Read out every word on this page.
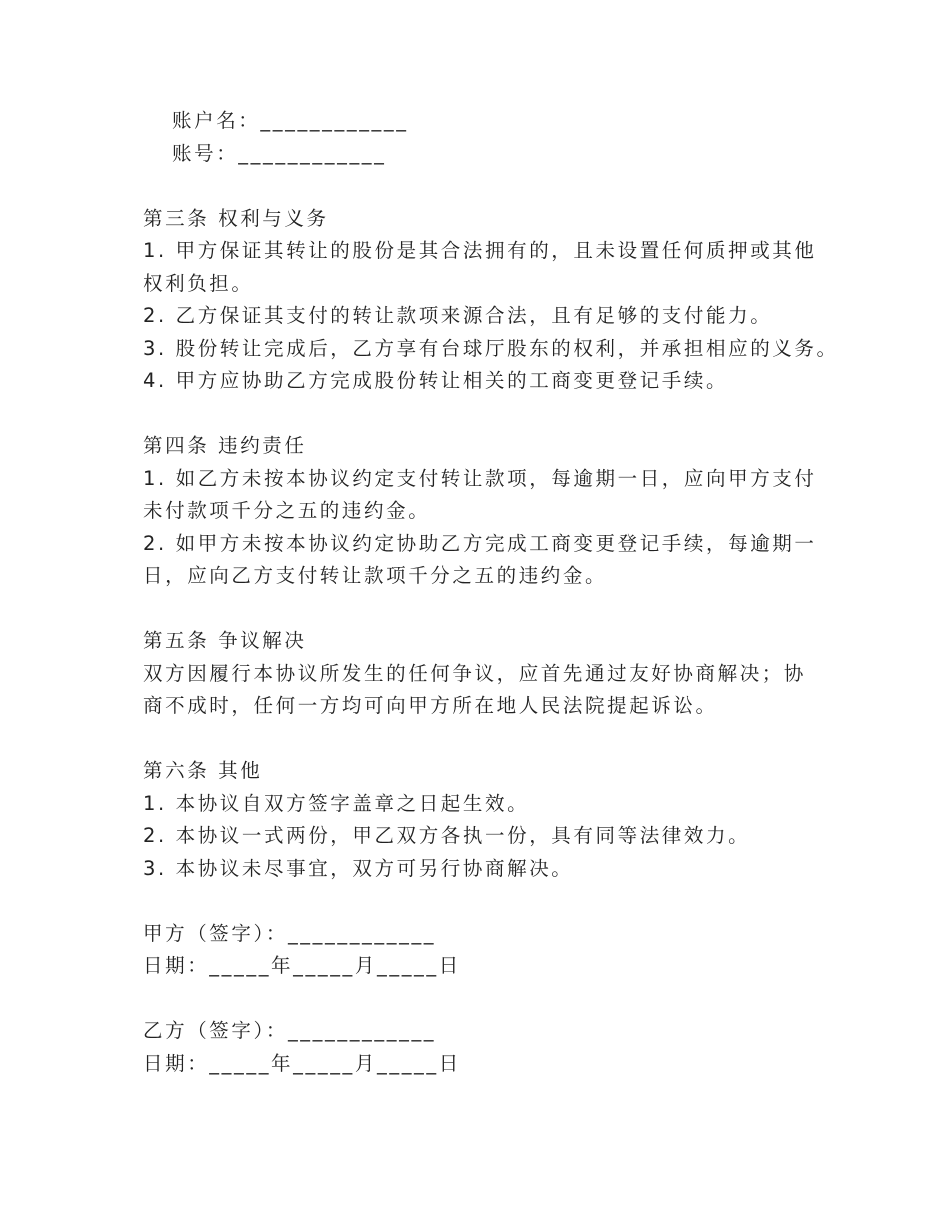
账户名：____________
账号：____________
第三条 权利与义务
1. 甲方保证其转让的股份是其合法拥有的，且未设置任何质押或其他
权利负担。
2. 乙方保证其支付的转让款项来源合法，且有足够的支付能力。
3. 股份转让完成后，乙方享有台球厅股东的权利，并承担相应的义务。
4. 甲方应协助乙方完成股份转让相关的工商变更登记手续。
第四条 违约责任
1. 如乙方未按本协议约定支付转让款项，每逾期一日，应向甲方支付
未付款项千分之五的违约金。
2. 如甲方未按本协议约定协助乙方完成工商变更登记手续，每逾期一
日，应向乙方支付转让款项千分之五的违约金。
第五条 争议解决
双方因履行本协议所发生的任何争议，应首先通过友好协商解决；协
商不成时，任何一方均可向甲方所在地人民法院提起诉讼。
第六条 其他
1. 本协议自双方签字盖章之日起生效。
2. 本协议一式两份，甲乙双方各执一份，具有同等法律效力。
3. 本协议未尽事宜，双方可另行协商解决。
甲方（签字）：____________
日期：_____年_____月_____日
乙方（签字）：____________
日期：_____年_____月_____日
